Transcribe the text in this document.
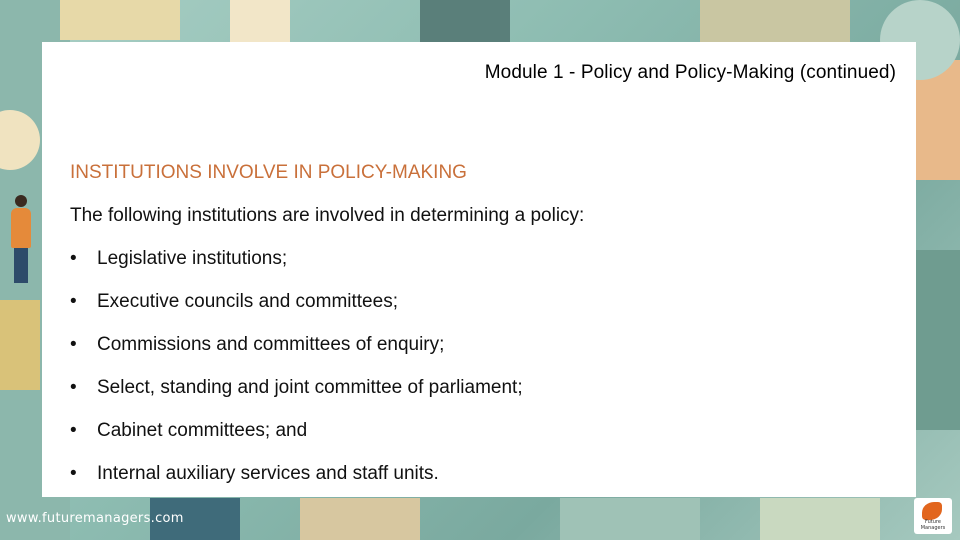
Module 1 - Policy and Policy-Making (continued)
INSTITUTIONS INVOLVE IN POLICY-MAKING
The following institutions are involved in determining a policy:
•	Legislative institutions;
•	Executive councils and committees;
•	Commissions and committees of enquiry;
•	Select, standing and joint committee of parliament;
•	Cabinet committees; and
•	Internal auxiliary services and staff units.
www.futuremanagers.com	Future Managers
